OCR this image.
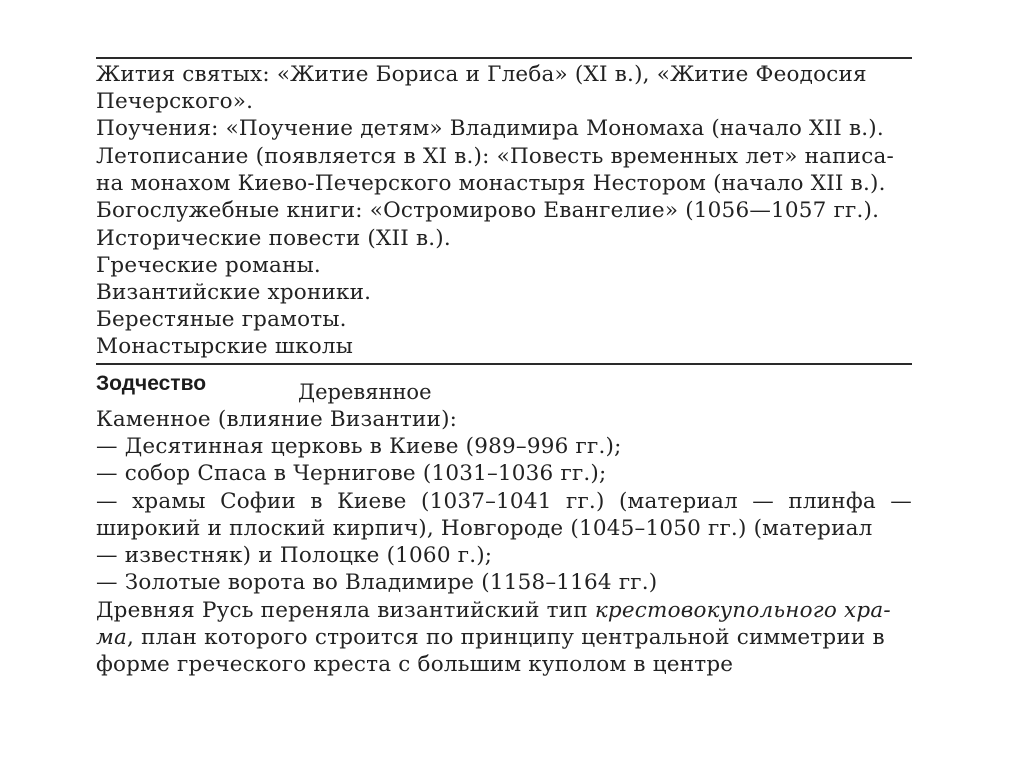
Жития святых: «Житие Бориса и Глеба» (XI в.), «Житие Феодосия
Печерского».
Поучения: «Поучение детям» Владимира Мономаха (начало XII в.).
Летописание (появляется в XI в.): «Повесть временных лет» написа-
на монахом Киево-Печерского монастыря Нестором (начало XII в.).
Богослужебные книги: «Остромирово Евангелие» (1056—1057 гг.).
Исторические повести (XII в.).
Греческие романы.
Византийские хроники.
Берестяные грамоты.
Монастырские школы
Зодчество	Деревянное
Каменное (влияние Византии):
— Десятинная церковь в Киеве (989–996 гг.);
— собор Спаса в Чернигове (1031–1036 гг.);
— храмы Софии в Киеве (1037–1041 гг.) (материал — плинфа —
широкий и плоский кирпич), Новгороде (1045–1050 гг.) (материал
— известняк) и Полоцке (1060 г.);
— Золотые ворота во Владимире (1158–1164 гг.)
Древняя Русь переняла византийский тип крестовокупольного хра-
ма, план которого строится по принципу центральной симметрии в
форме греческого креста с большим куполом в центре
